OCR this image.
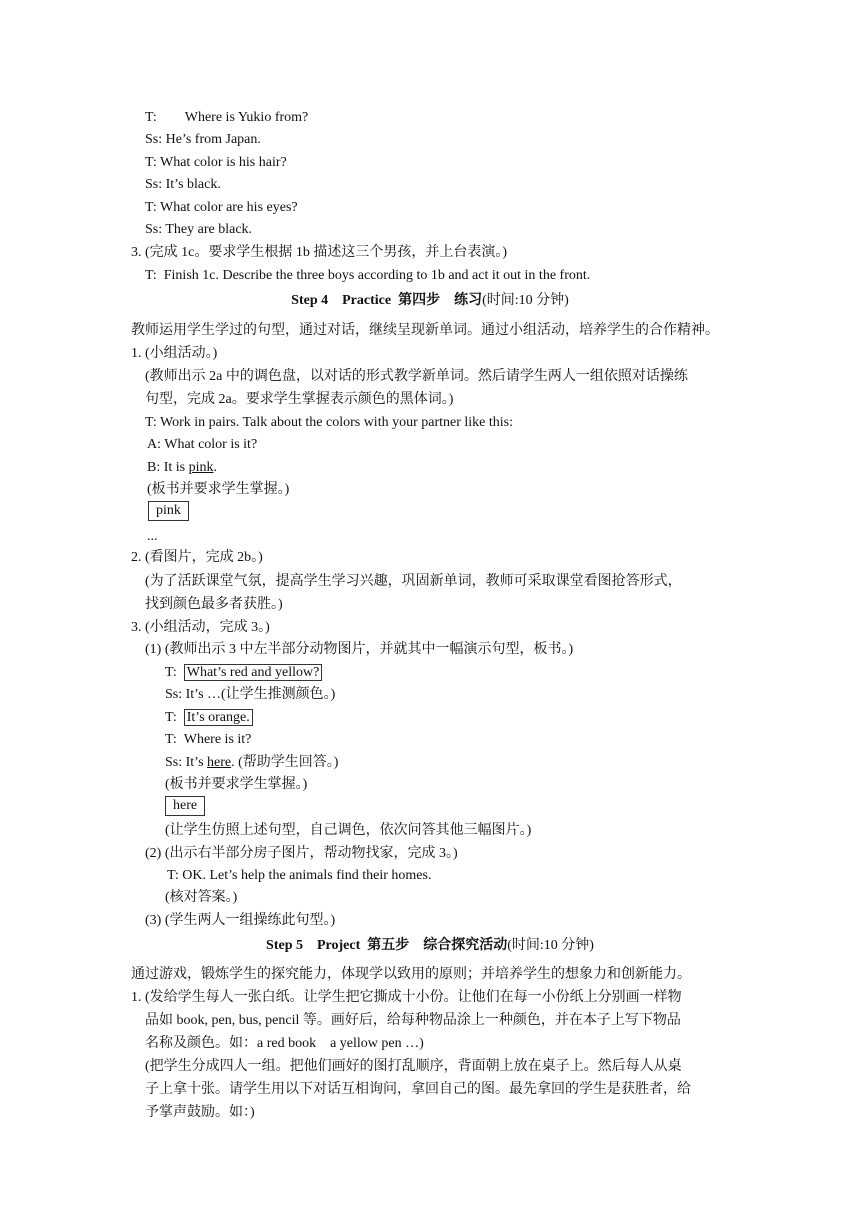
T: Where is Yukio from?
Ss: He’s from Japan.
T: What color is his hair?
Ss: It’s black.
T: What color are his eyes?
Ss: They are black.
3. (完成 1c。要求学生根据 1b 描述这三个男孩，并上台表演。)
T: Finish 1c. Describe the three boys according to 1b and act it out in the front.
Step 4　Practice 第四步　练习(时间:10 分钟)
教师运用学生学过的句型，通过对话，继续呈现新单词。通过小组活动，培养学生的合作精神。
1. (小组活动。)
(教师出示 2a 中的调色盘，以对话的形式教学新单词。然后请学生两人一组依照对话操练
句型，完成 2a。要求学生掌握表示颜色的黑体词。)
T: Work in pairs. Talk about the colors with your partner like this:
A: What color is it?
B: It is pink.
(板书并要求学生掌握。)
pink
...
2. (看图片，完成 2b。)
(为了活跃课堂气氛，提高学生学习兴趣，巩固新单词，教师可采取课堂看图抢答形式，
找到颜色最多者获胜。)
3. (小组活动，完成 3。)
(1) (教师出示 3 中左半部分动物图片，并就其中一幅演示句型，板书。)
T: What’s red and yellow?
Ss: It’s …(让学生推测颜色。)
T: It’s orange.
T: Where is it?
Ss: It’s here. (帮助学生回答。)
(板书并要求学生掌握。)
here
(让学生仿照上述句型，自己调色，依次问答其他三幅图片。)
(2) (出示右半部分房子图片，帮动物找家，完成 3。)
T: OK. Let’s help the animals find their homes.
(核对答案。)
(3) (学生两人一组操练此句型。)
Step 5　Project 第五步　综合探究活动(时间:10 分钟)
通过游戏，锻炼学生的探究能力，体现学以致用的原则；并培养学生的想象力和创新能力。
1. (发给学生每人一张白纸。让学生把它撕成十小份。让他们在每一小份纸上分别画一样物
品如 book, pen, bus, pencil 等。画好后，给每种物品涂上一种颜色，并在本子上写下物品
名称及颜色。如：a red book　a yellow pen …)
(把学生分成四人一组。把他们画好的图打乱顺序，背面朝上放在桌子上。然后每人从桌
子上拿十张。请学生用以下对话互相询问，拿回自己的图。最先拿回的学生是获胜者，给
予掌声鼓励。如：)
